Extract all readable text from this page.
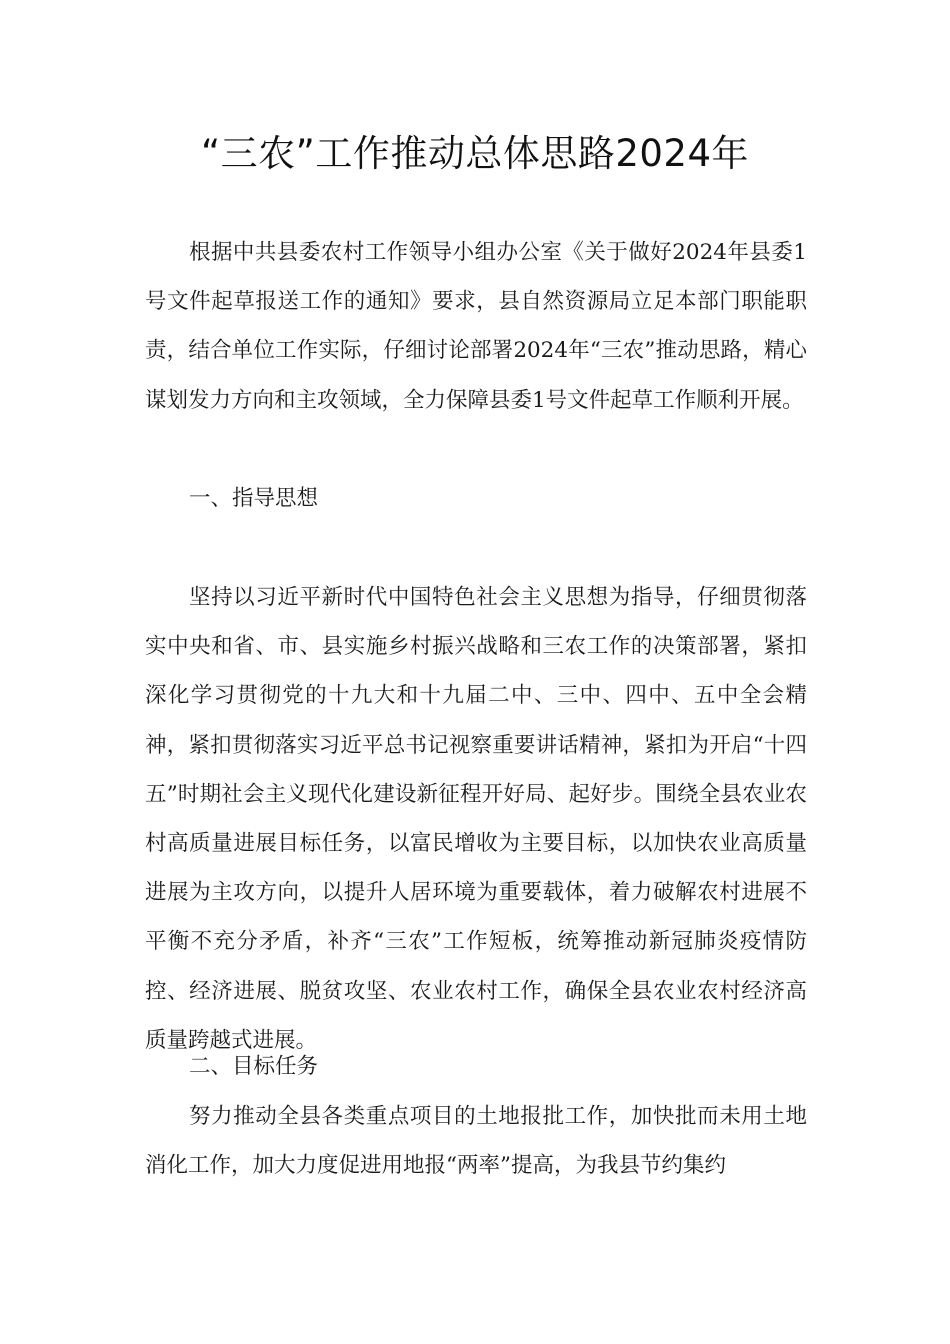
“三农”工作推动总体思路2024年

根据中共县委农村工作领导小组办公室《关于做好2024年县委1号文件起草报送工作的通知》要求，县自然资源局立足本部门职能职责，结合单位工作实际，仔细讨论部署2024年“三农”推动思路，精心谋划发力方向和主攻领域，全力保障县委1号文件起草工作顺利开展。

一、指导思想

坚持以习近平新时代中国特色社会主义思想为指导，仔细贯彻落实中央和省、市、县实施乡村振兴战略和三农工作的决策部署，紧扣深化学习贯彻党的十九大和十九届二中、三中、四中、五中全会精神，紧扣贯彻落实习近平总书记视察重要讲话精神，紧扣为开启“十四五”时期社会主义现代化建设新征程开好局、起好步。围绕全县农业农村高质量进展目标任务，以富民增收为主要目标，以加快农业高质量进展为主攻方向，以提升人居环境为重要载体，着力破解农村进展不平衡不充分矛盾，补齐“三农”工作短板，统筹推动新冠肺炎疫情防控、经济进展、脱贫攻坚、农业农村工作，确保全县农业农村经济高质量跨越式进展。

二、目标任务

努力推动全县各类重点项目的土地报批工作，加快批而未用土地消化工作，加大力度促进用地报“两率”提高，为我县节约集约
